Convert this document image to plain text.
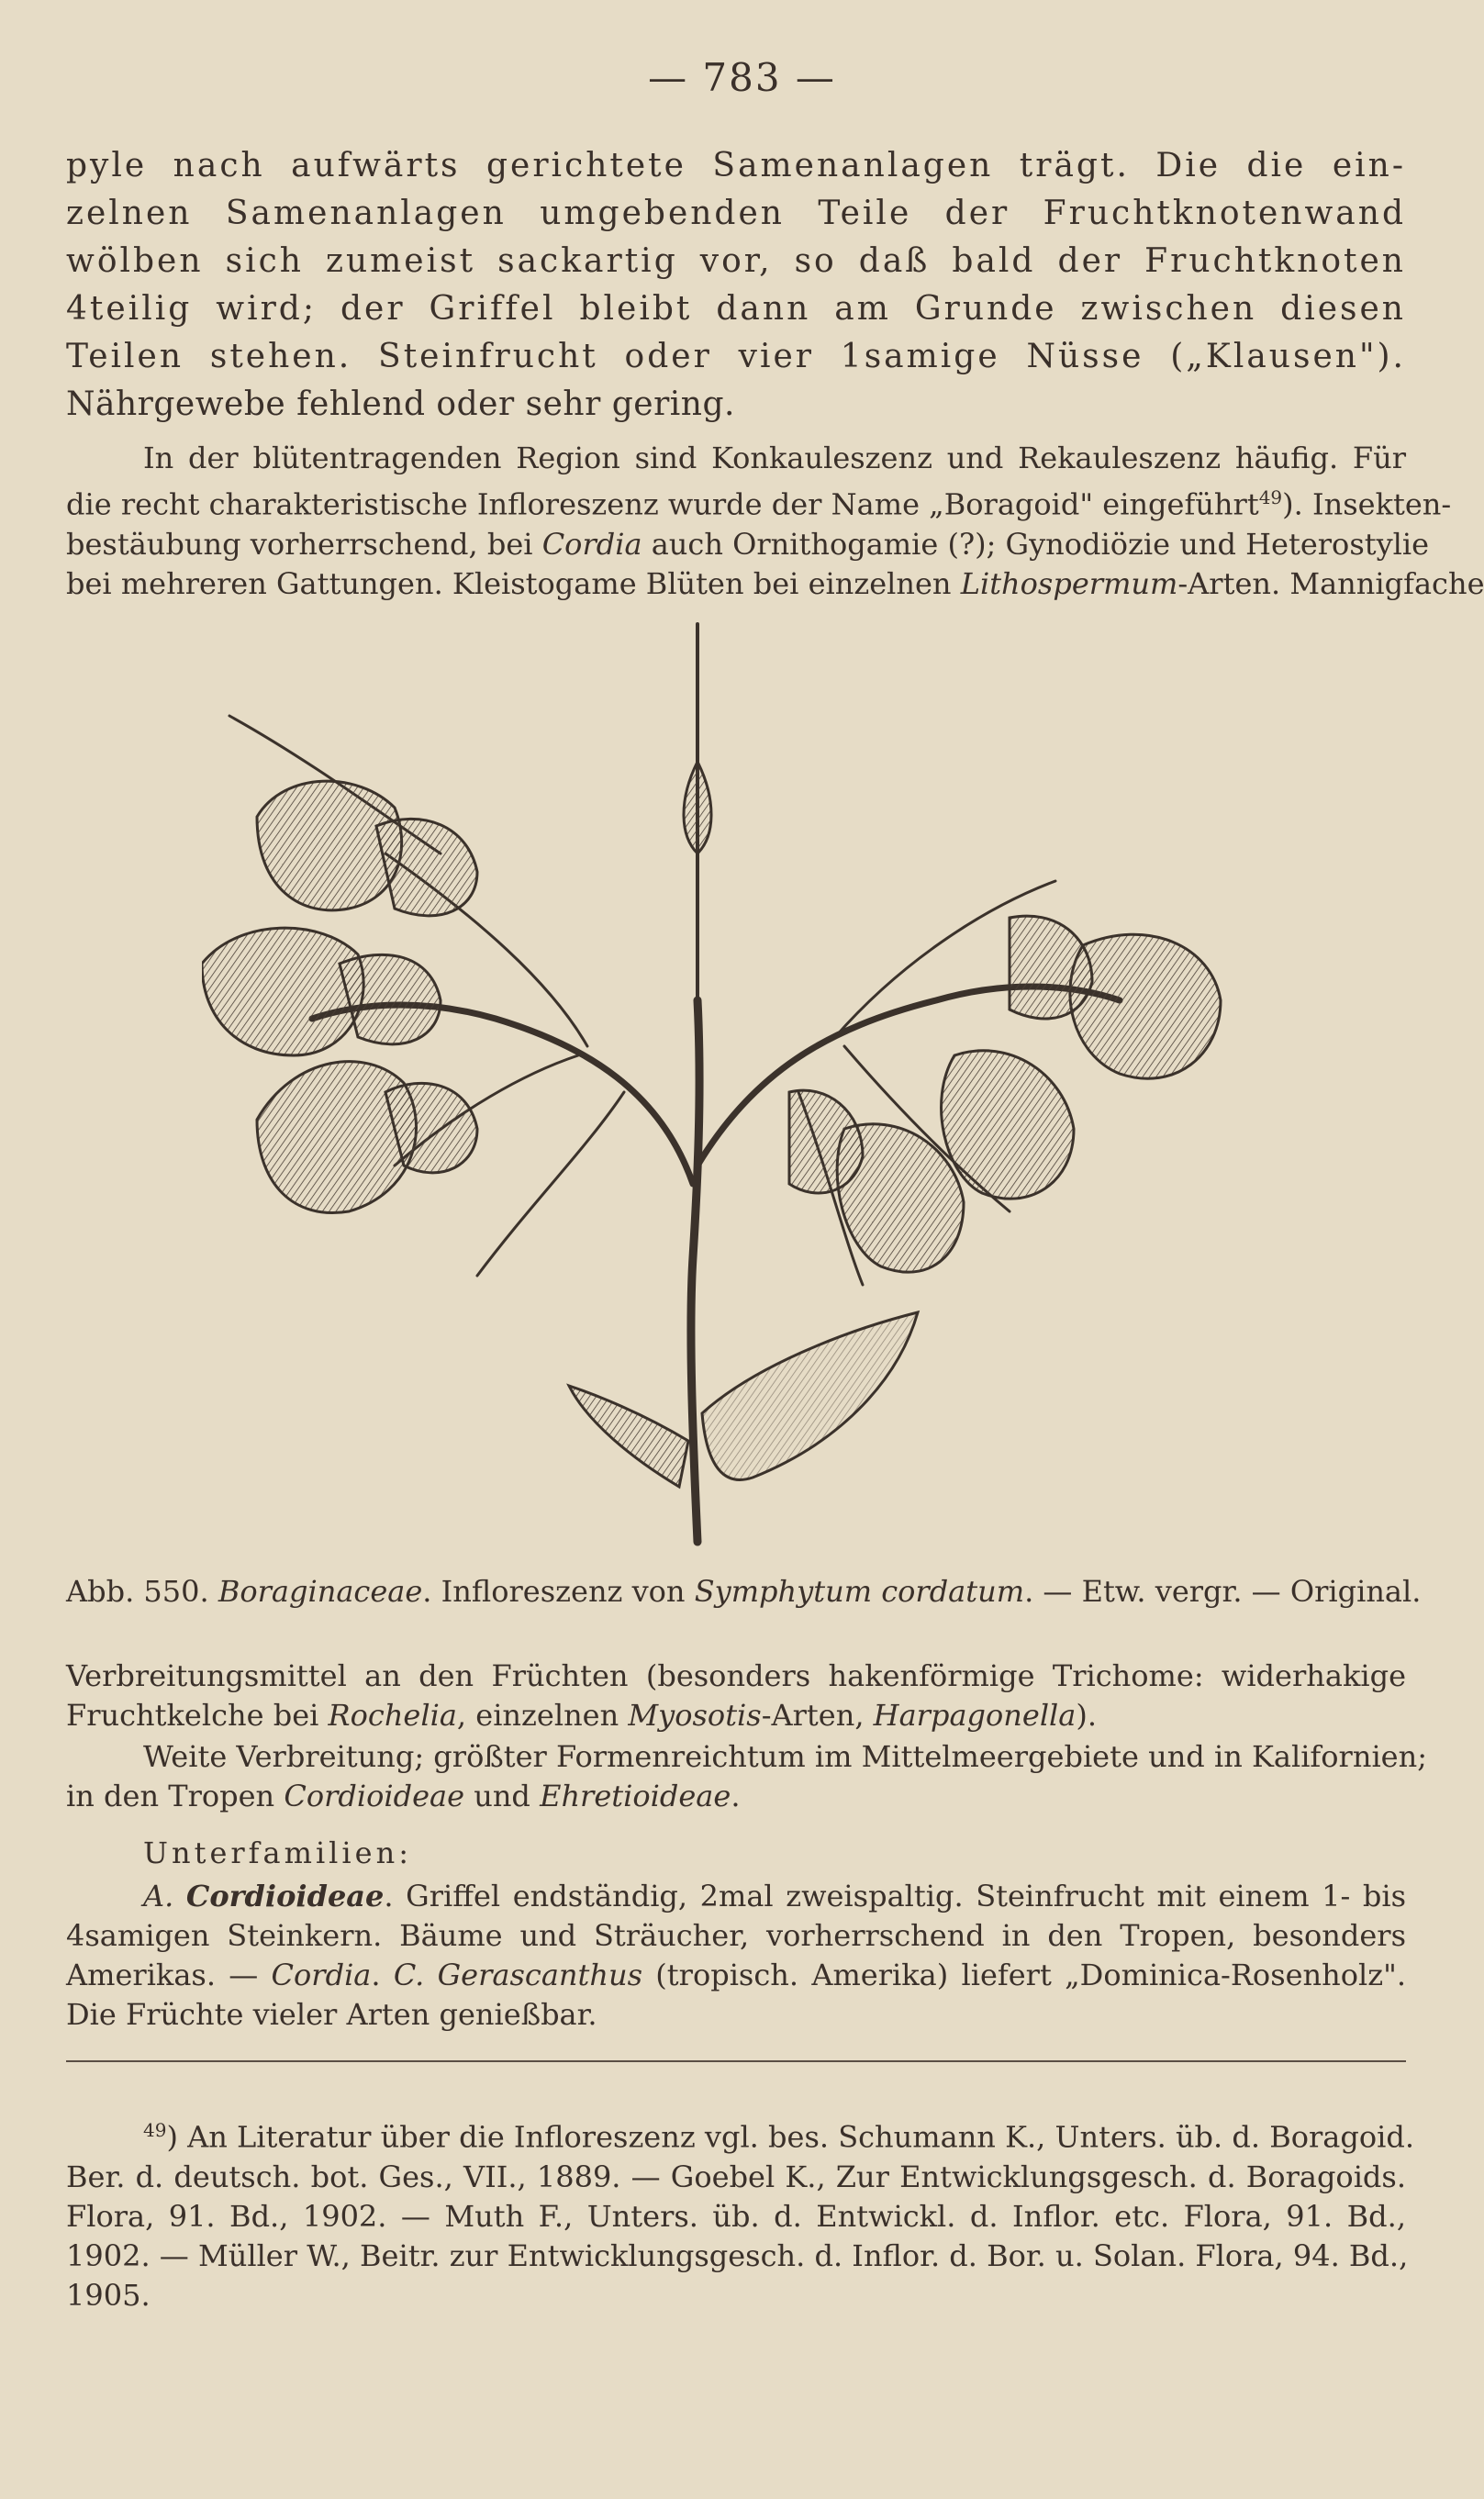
— 783 —
pyle nach aufwärts gerichtete Samenanlagen trägt. Die die ein-
zelnen Samenanlagen umgebenden Teile der Fruchtknotenwand
wölben sich zumeist sackartig vor, so daß bald der Fruchtknoten
4teilig wird; der Griffel bleibt dann am Grunde zwischen diesen
Teilen stehen. Steinfrucht oder vier 1samige Nüsse („Klausen").
Nährgewebe fehlend oder sehr gering.
In der blütentragenden Region sind Konkauleszenz und Rekauleszenz häufig. Für
die recht charakteristische Infloreszenz wurde der Name „Boragoid" eingeführt$^{49}$). Insekten-
bestäubung vorherrschend, bei Cordia auch Ornithogamie (?); Gynodiözie und Heterostylie
bei mehreren Gattungen. Kleistogame Blüten bei einzelnen Lithospermum-Arten. Mannigfache
Abb. 550. Boraginaceae. Infloreszenz von Symphytum cordatum. — Etw. vergr. — Original.
Verbreitungsmittel an den Früchten (besonders hakenförmige Trichome: widerhakige
Fruchtkelche bei Rochelia, einzelnen Myosotis-Arten, Harpagonella).
Weite Verbreitung; größter Formenreichtum im Mittelmeergebiete und in Kalifornien;
in den Tropen Cordioideae und Ehretioideae.
Unterfamilien:
A. Cordioideae. Griffel endständig, 2mal zweispaltig. Steinfrucht mit einem 1- bis
4samigen Steinkern. Bäume und Sträucher, vorherrschend in den Tropen, besonders
Amerikas. — Cordia. C. Gerascanthus (tropisch. Amerika) liefert „Dominica-Rosenholz".
Die Früchte vieler Arten genießbar.
$^{49}$) An Literatur über die Infloreszenz vgl. bes. Schumann K., Unters. üb. d. Boragoid.
Ber. d. deutsch. bot. Ges., VII., 1889. — Goebel K., Zur Entwicklungsgesch. d. Boragoids.
Flora, 91. Bd., 1902. — Muth F., Unters. üb. d. Entwickl. d. Inflor. etc. Flora, 91. Bd.,
1902. — Müller W., Beitr. zur Entwicklungsgesch. d. Inflor. d. Bor. u. Solan. Flora, 94. Bd.,
1905.
